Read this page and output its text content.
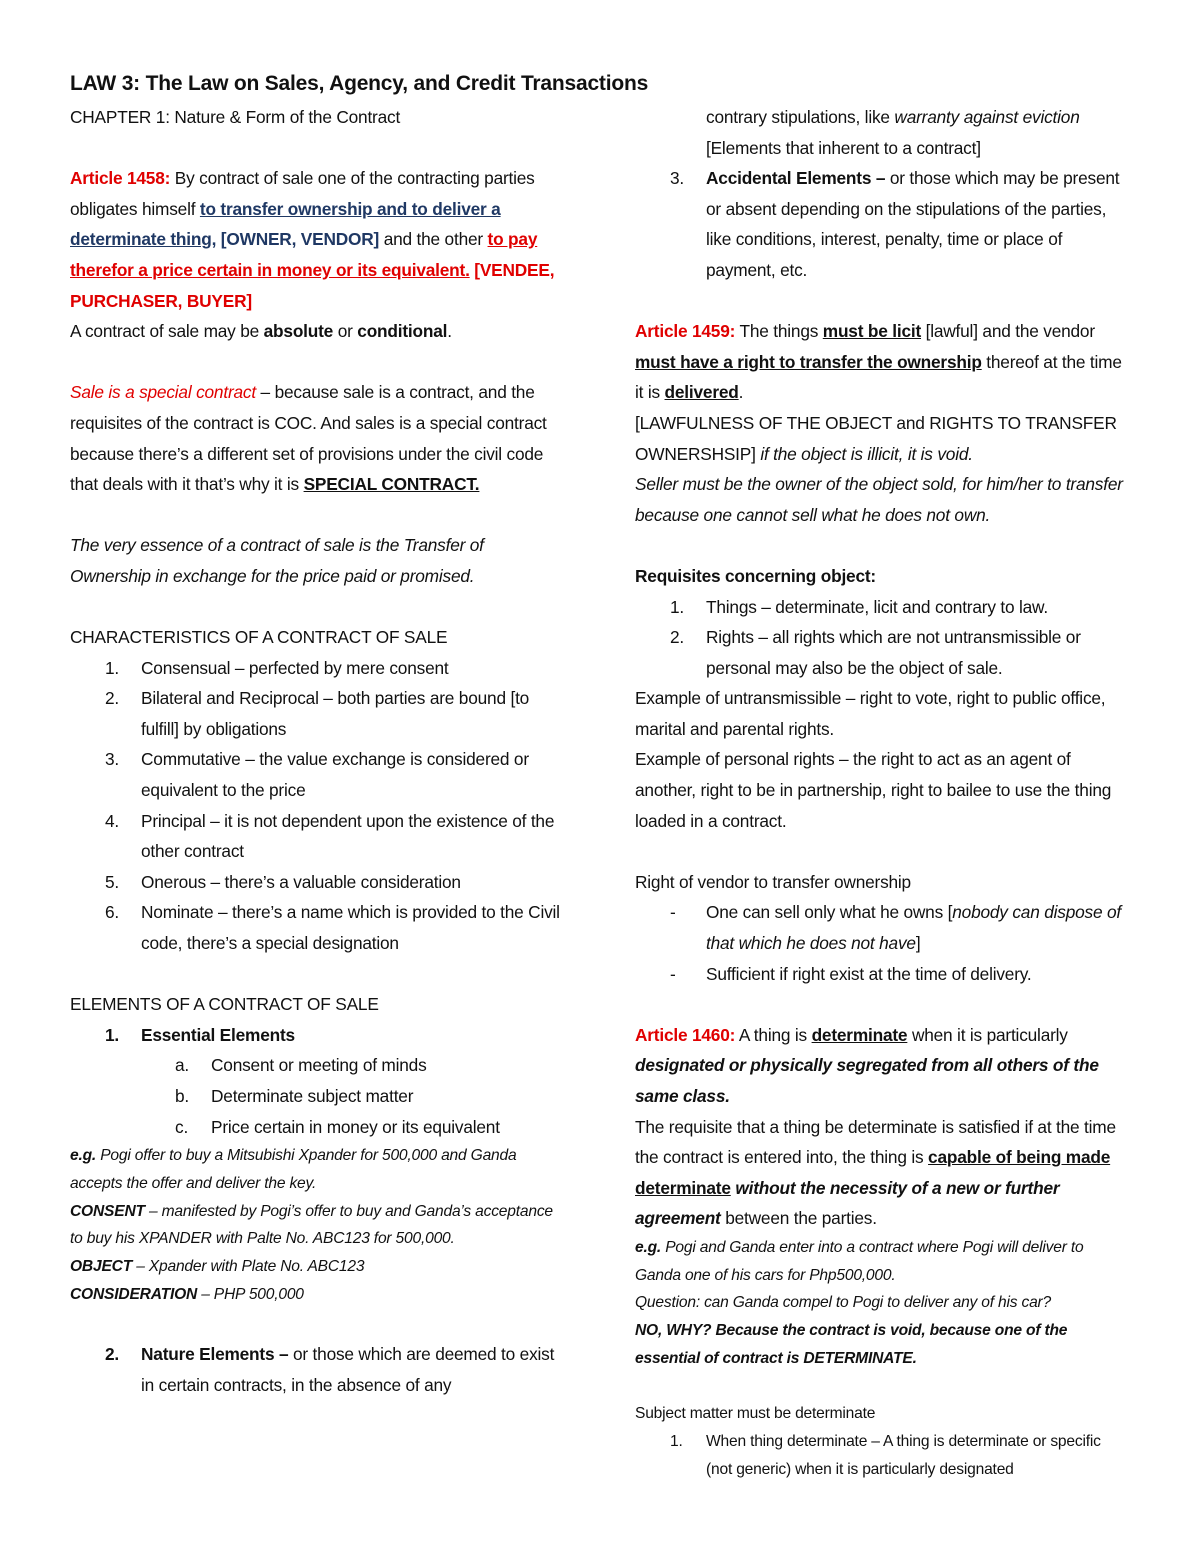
LAW 3: The Law on Sales, Agency, and Credit Transactions

CHAPTER 1: Nature & Form of the Contract

Article 1458: By contract of sale one of the contracting parties obligates himself to transfer ownership and to deliver a determinate thing, [OWNER, VENDOR] and the other to pay therefor a price certain in money or its equivalent. [VENDEE, PURCHASER, BUYER]

A contract of sale may be absolute or conditional.

Sale is a special contract – because sale is a contract, and the requisites of the contract is COC. And sales is a special contract because there’s a different set of provisions under the civil code that deals with it that’s why it is SPECIAL CONTRACT.

The very essence of a contract of sale is the Transfer of Ownership in exchange for the price paid or promised.

CHARACTERISTICS OF A CONTRACT OF SALE

1.	Consensual – perfected by mere consent
2.	Bilateral and Reciprocal – both parties are bound [to fulfill] by obligations
3.	Commutative – the value exchange is considered or equivalent to the price
4.	Principal – it is not dependent upon the existence of the other contract
5.	Onerous – there’s a valuable consideration
6.	Nominate – there’s a name which is provided to the Civil code, there’s a special designation

ELEMENTS OF A CONTRACT OF SALE

1.	Essential Elements
a.	Consent or meeting of minds
b.	Determinate subject matter
c.	Price certain in money or its equivalent

e.g. Pogi offer to buy a Mitsubishi Xpander for 500,000 and Ganda accepts the offer and deliver the key.

CONSENT – manifested by Pogi’s offer to buy and Ganda’s acceptance to buy his XPANDER with Palte No. ABC123 for 500,000.

OBJECT – Xpander with Plate No. ABC123

CONSIDERATION – PHP 500,000

2.	Nature Elements – or those which are deemed to exist in certain contracts, in the absence of any
contrary stipulations, like warranty against eviction [Elements that inherent to a contract]
3.	Accidental Elements – or those which may be present or absent depending on the stipulations of the parties, like conditions, interest, penalty, time or place of payment, etc.

Article 1459: The things must be licit [lawful] and the vendor must have a right to transfer the ownership thereof at the time it is delivered.

[LAWFULNESS OF THE OBJECT and RIGHTS TO TRANSFER OWNERSHSIP] if the object is illicit, it is void.

Seller must be the owner of the object sold, for him/her to transfer because one cannot sell what he does not own.

Requisites concerning object:

1.	Things – determinate, licit and contrary to law.
2.	Rights – all rights which are not untransmissible or personal may also be the object of sale.

Example of untransmissible – right to vote, right to public office, marital and parental rights.

Example of personal rights – the right to act as an agent of another, right to be in partnership, right to bailee to use the thing loaded in a contract.

Right of vendor to transfer ownership

-	One can sell only what he owns [nobody can dispose of that which he does not have]
-	Sufficient if right exist at the time of delivery.

Article 1460: A thing is determinate when it is particularly designated or physically segregated from all others of the same class.

The requisite that a thing be determinate is satisfied if at the time the contract is entered into, the thing is capable of being made determinate without the necessity of a new or further agreement between the parties.

e.g. Pogi and Ganda enter into a contract where Pogi will deliver to Ganda one of his cars for Php500,000.

Question: can Ganda compel to Pogi to deliver any of his car?

NO, WHY? Because the contract is void, because one of the essential of contract is DETERMINATE.

Subject matter must be determinate

1.	When thing determinate – A thing is determinate or specific (not generic) when it is particularly designated
